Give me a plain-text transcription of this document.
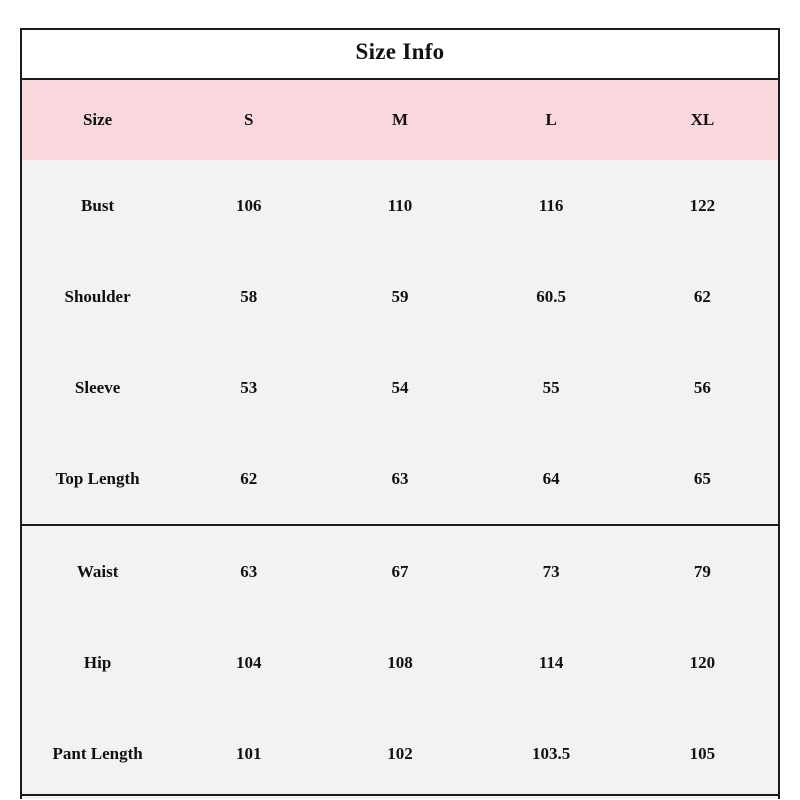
Size Info				
Size	S	M	L	XL
Bust	106	110	116	122
Shoulder	58	59	60.5	62
Sleeve	53	54	55	56
Top Length	62	63	64	65
Waist	63	67	73	79
Hip	104	108	114	120
Pant Length	101	102	103.5	105
